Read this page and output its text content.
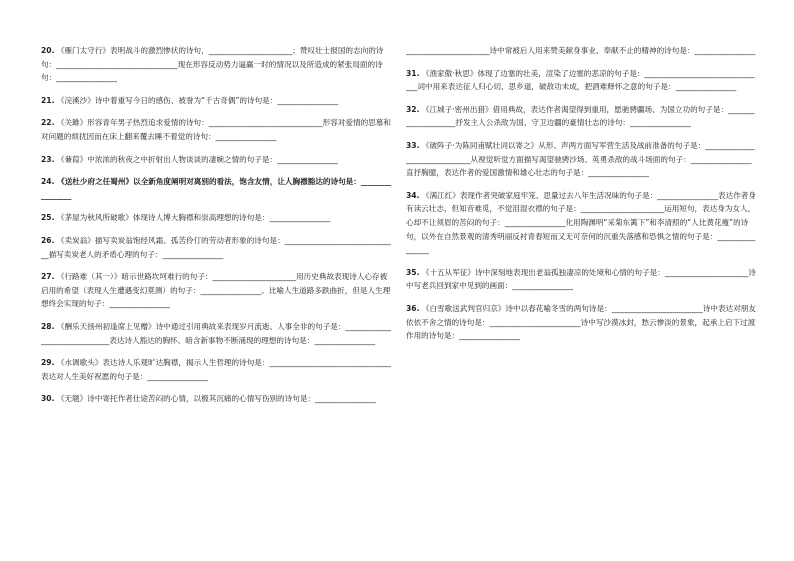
20. 《雁门太守行》表明战斗的激烈惨状的诗句，______________________；赞叹壮士报国的志向的诗句：________________________________现在形容反动势力逼赢一时的情况以及所造成的紧张局面的诗句：________________

21. 《浣溪沙》诗中着重写今日的感伤、被誉为“千古奇偶”的诗句是：________________

22. 《关雎》形容青年男子热烈追求爱情的诗句：______________________________形容对爱情的思慕和对问题的烦扰因而在床上翻来覆去睡不着觉的诗句：________________

23. 《蒹葭》中浓浓的秋夜之中折射出人物谈谈的凄婉之情的句子是：________________

24. 《送杜少府之任蜀州》以全新角度阐明对离别的看法，饱含友情，让人胸襟豁达的诗句是：________________

25. 《茅屋为秋风所破歌》体现诗人博大胸襟和崇高理想的诗句是：________________

26. 《卖炭翁》描写卖炭翁饱经风霜、孤苦伶仃的劳动者形象的诗句是：______________________________描写卖炭老人的矛盾心理的句子：________________

27. 《行路难（其一）》暗示世路坎坷难行的句子：______________________用历史典故表现诗人心存被启用的希望（表现人生遭遇变幻莫测）的句子：________________。比喻人生道路多跌曲折，但是人生理想终会实现的句子：________________

28. 《酬乐天扬州初逢席上见赠》诗中通过引用典故来表现岁月流逝、人事全非的句子是：______________________________表达诗人豁达的胸怀、暗含新事物不断涌现的理想的诗句是：________________

29. 《水调歌头》表达诗人乐观旷达胸襟，揭示人生哲理的诗句是：________________________________表达对人生美好祝愿的句子是：________________

30. 《无题》诗中寄托作者仕途苦闷的心情，以极其沉痛的心情写伤别的诗句是：________________

______________________诗中常被后人用来赞美献身事业、奉献不止的精神的诗句是：________________

31. 《渔家傲·秋思》体现了边塞的壮美，渲染了边塞的悲凉的句子是：________________________________词中用来表达征人归心切、思乡道，破敌功未成，把酒难释怀之意的句子是：________________

32. 《江城子·密州出猎》借用典故，表达作者渴望得到重用，愿驰骋疆场、为国立功的句子是：____________________抒发主人公杀敌为国、守卫边疆的豪情壮志的诗句：________________

33. 《破阵子·为陈同甫赋壮词以寄之》从形、声两方面写军营生活及战前准备的句子是：______________________________从视觉听觉方面描写渴望驰骋沙场、英勇杀敌的战斗场面的句子：________________直抒胸臆，表达作者的爱国激情和雄心壮志的句子是：________________

34. 《满江红》表现作者突破家庭牢笼、思量过去八年生活况味的句子是：________________表达作者身有读云壮志，但知音难觅，不觉泪湿衣襟的句子是：______________________运用短句，表达身为女人，心却不让须眉的苦闷的句子：________________化用陶渊明“采菊东篱下”和李清照的“人比黄花瘦”的诗句，以外在自然景观的清秀明丽反衬青春短而又无可奈何的沉重失落感和恐惧之情的句子是：________________

35. 《十五从军征》诗中深刻地表现出老翁孤独凄凉的处境和心情的句子是：______________________诗中写老兵回到家中见到的画面：________________

36. 《白雪歌送武判官归京》诗中以春花喻冬雪的两句诗是：________________________诗中表达对朋友依依不舍之情的诗句是：________________________诗中写沙漠冰封，愁云惨淡的景象，起承上启下过渡作用的诗句是：________________
